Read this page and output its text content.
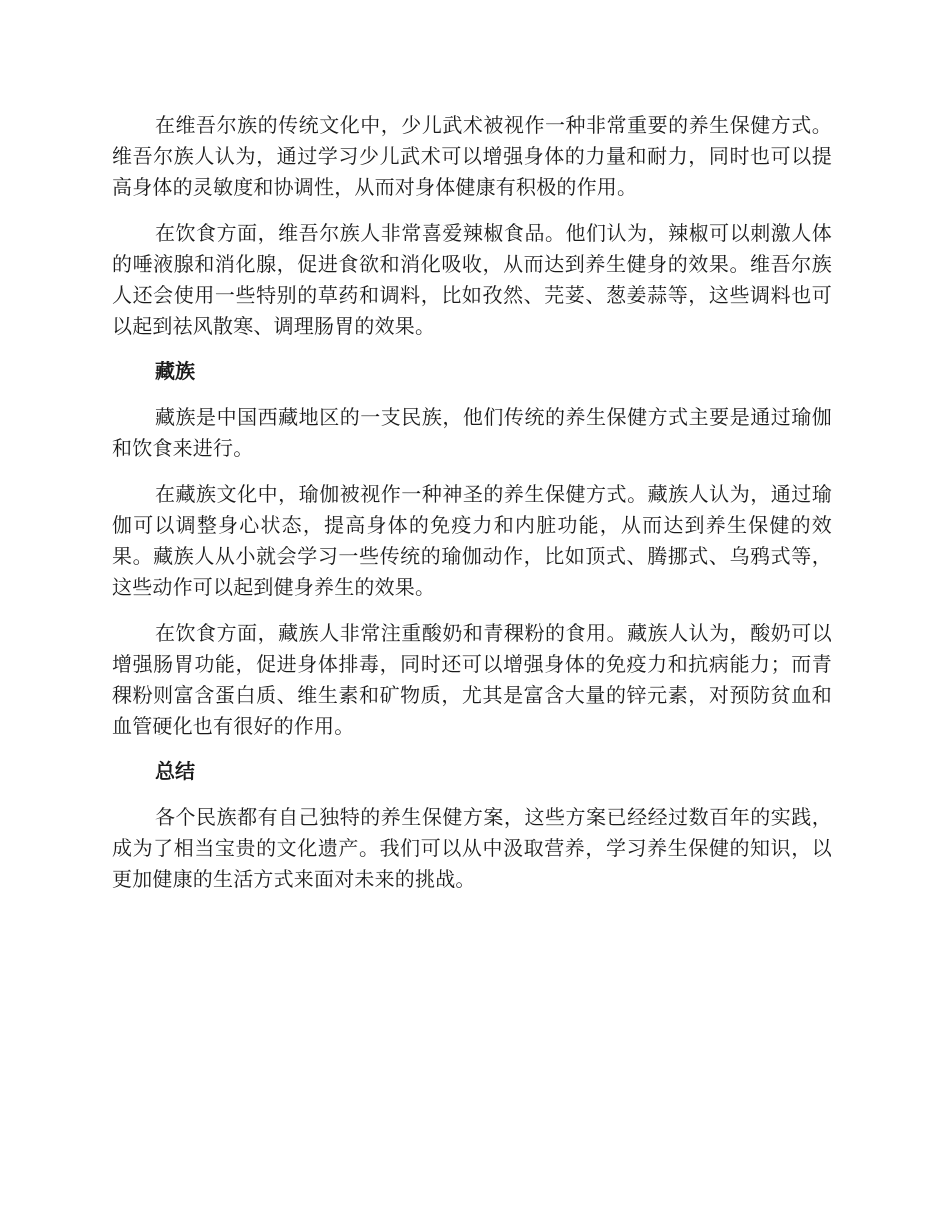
在维吾尔族的传统文化中，少儿武术被视作一种非常重要的养生保健方式。维吾尔族人认为，通过学习少儿武术可以增强身体的力量和耐力，同时也可以提高身体的灵敏度和协调性，从而对身体健康有积极的作用。

在饮食方面，维吾尔族人非常喜爱辣椒食品。他们认为，辣椒可以刺激人体的唾液腺和消化腺，促进食欲和消化吸收，从而达到养生健身的效果。维吾尔族人还会使用一些特别的草药和调料，比如孜然、芫荽、葱姜蒜等，这些调料也可以起到祛风散寒、调理肠胃的效果。

藏族

藏族是中国西藏地区的一支民族，他们传统的养生保健方式主要是通过瑜伽和饮食来进行。

在藏族文化中，瑜伽被视作一种神圣的养生保健方式。藏族人认为，通过瑜伽可以调整身心状态，提高身体的免疫力和内脏功能，从而达到养生保健的效果。藏族人从小就会学习一些传统的瑜伽动作，比如顶式、腾挪式、乌鸦式等，这些动作可以起到健身养生的效果。

在饮食方面，藏族人非常注重酸奶和青稞粉的食用。藏族人认为，酸奶可以增强肠胃功能，促进身体排毒，同时还可以增强身体的免疫力和抗病能力；而青稞粉则富含蛋白质、维生素和矿物质，尤其是富含大量的锌元素，对预防贫血和血管硬化也有很好的作用。

总结

各个民族都有自己独特的养生保健方案，这些方案已经经过数百年的实践，成为了相当宝贵的文化遗产。我们可以从中汲取营养，学习养生保健的知识，以更加健康的生活方式来面对未来的挑战。
